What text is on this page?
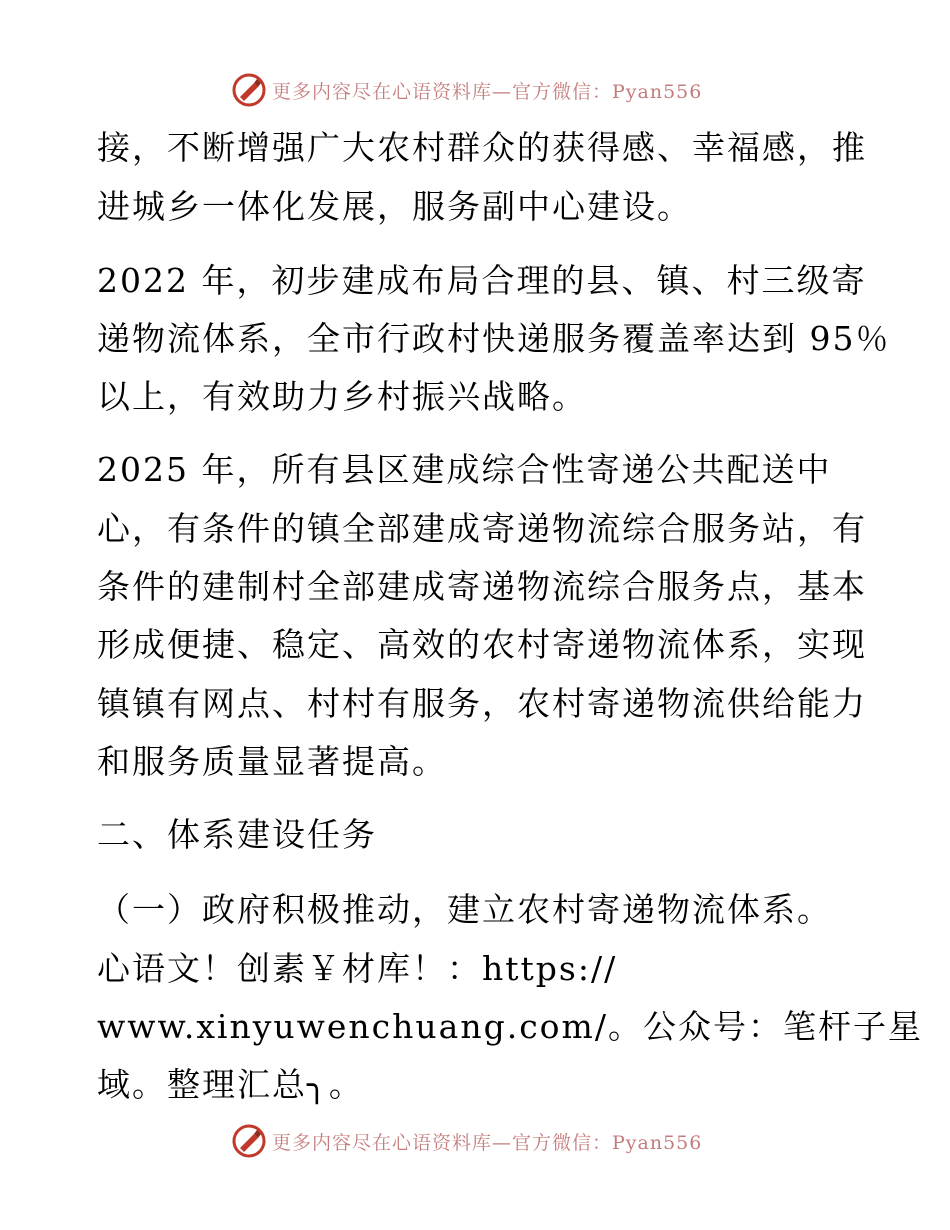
更多内容尽在心语资料库—官方微信：Pyan556
接，不断增强广大农村群众的获得感、幸福感，推
进城乡一体化发展，服务副中心建设。
2022 年，初步建成布局合理的县、镇、村三级寄
递物流体系，全市行政村快递服务覆盖率达到 95％
以上，有效助力乡村振兴战略。
2025 年，所有县区建成综合性寄递公共配送中
心，有条件的镇全部建成寄递物流综合服务站，有
条件的建制村全部建成寄递物流综合服务点，基本
形成便捷、稳定、高效的农村寄递物流体系，实现
镇镇有网点、村村有服务，农村寄递物流供给能力
和服务质量显著提高。
二、体系建设任务
（一）政府积极推动，建立农村寄递物流体系。
心语文！创素￥材库！：https://
www.xinyuwenchuang.com/。公众号：笔杆子星
域。整理汇总╮。
更多内容尽在心语资料库—官方微信：Pyan556
